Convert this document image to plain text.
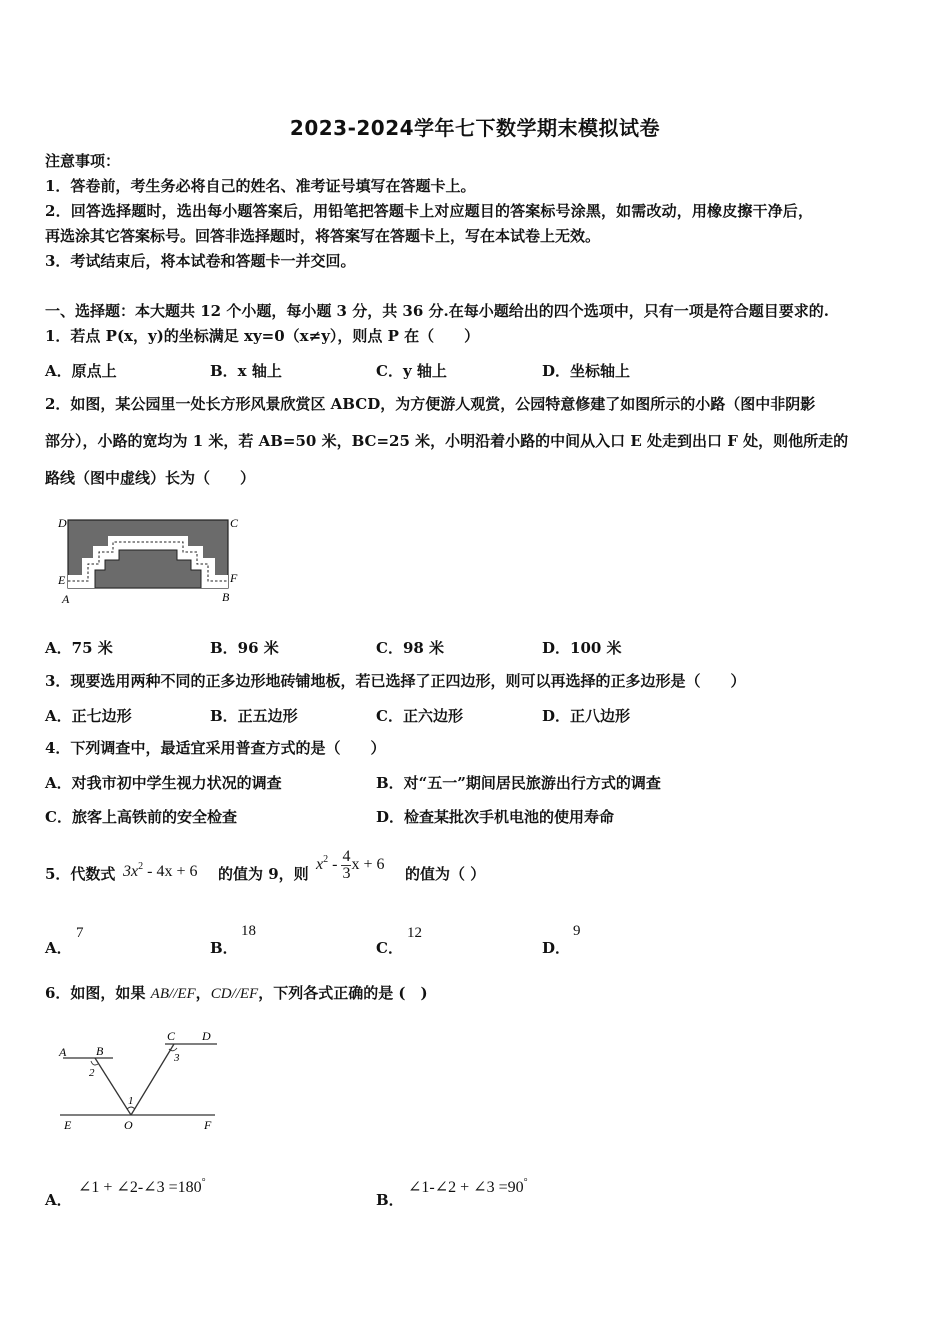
2023-2024学年七下数学期末模拟试卷
注意事项：
1．答卷前，考生务必将自己的姓名、准考证号填写在答题卡上。
2．回答选择题时，选出每小题答案后，用铅笔把答题卡上对应题目的答案标号涂黑，如需改动，用橡皮擦干净后，
再选涂其它答案标号。回答非选择题时，将答案写在答题卡上，写在本试卷上无效。
3．考试结束后，将本试卷和答题卡一并交回。
一、选择题：本大题共 12 个小题，每小题 3 分，共 36 分.在每小题给出的四个选项中，只有一项是符合题目要求的.
1．若点 P(x，y)的坐标满足 xy=0（x≠y），则点 P 在（　　）
A．原点上	B．x 轴上	C．y 轴上	D．坐标轴上
2．如图，某公园里一处长方形风景欣赏区 ABCD，为方便游人观赏，公园特意修建了如图所示的小路（图中非阴影
部分），小路的宽均为 1 米，若 AB=50 米，BC=25 米，小明沿着小路的中间从入口 E 处走到出口 F 处，则他所走的
路线（图中虚线）长为（　　）
D	C
E	F
A	B
A．75 米	B．96 米	C．98 米	D．100 米
3．现要选用两种不同的正多边形地砖铺地板，若已选择了正四边形，则可以再选择的正多边形是（　　）
A．正七边形	B．正五边形	C．正六边形	D．正八边形
4．下列调查中，最适宜采用普查方式的是（　　）
A．对我市初中学生视力状况的调查	B．对“五一”期间居民旅游出行方式的调查
C．旅客上高铁前的安全检查	D．检查某批次手机电池的使用寿命
5．代数式 $3x^2 - 4x + 6$ 的值为 9，则
$x^2 - \frac{4}{3}$ x + 6
的值为（ ）
A．
7
B．
18
C．
12
D．
9
6．如图，如果 AB//EF，CD//EF，下列各式正确的是 (　)
A B
C D
E	O	F
1
2
3
A．
∠1 + ∠2-∠3 =180°
B．
∠1-∠2 + ∠3 =90°
